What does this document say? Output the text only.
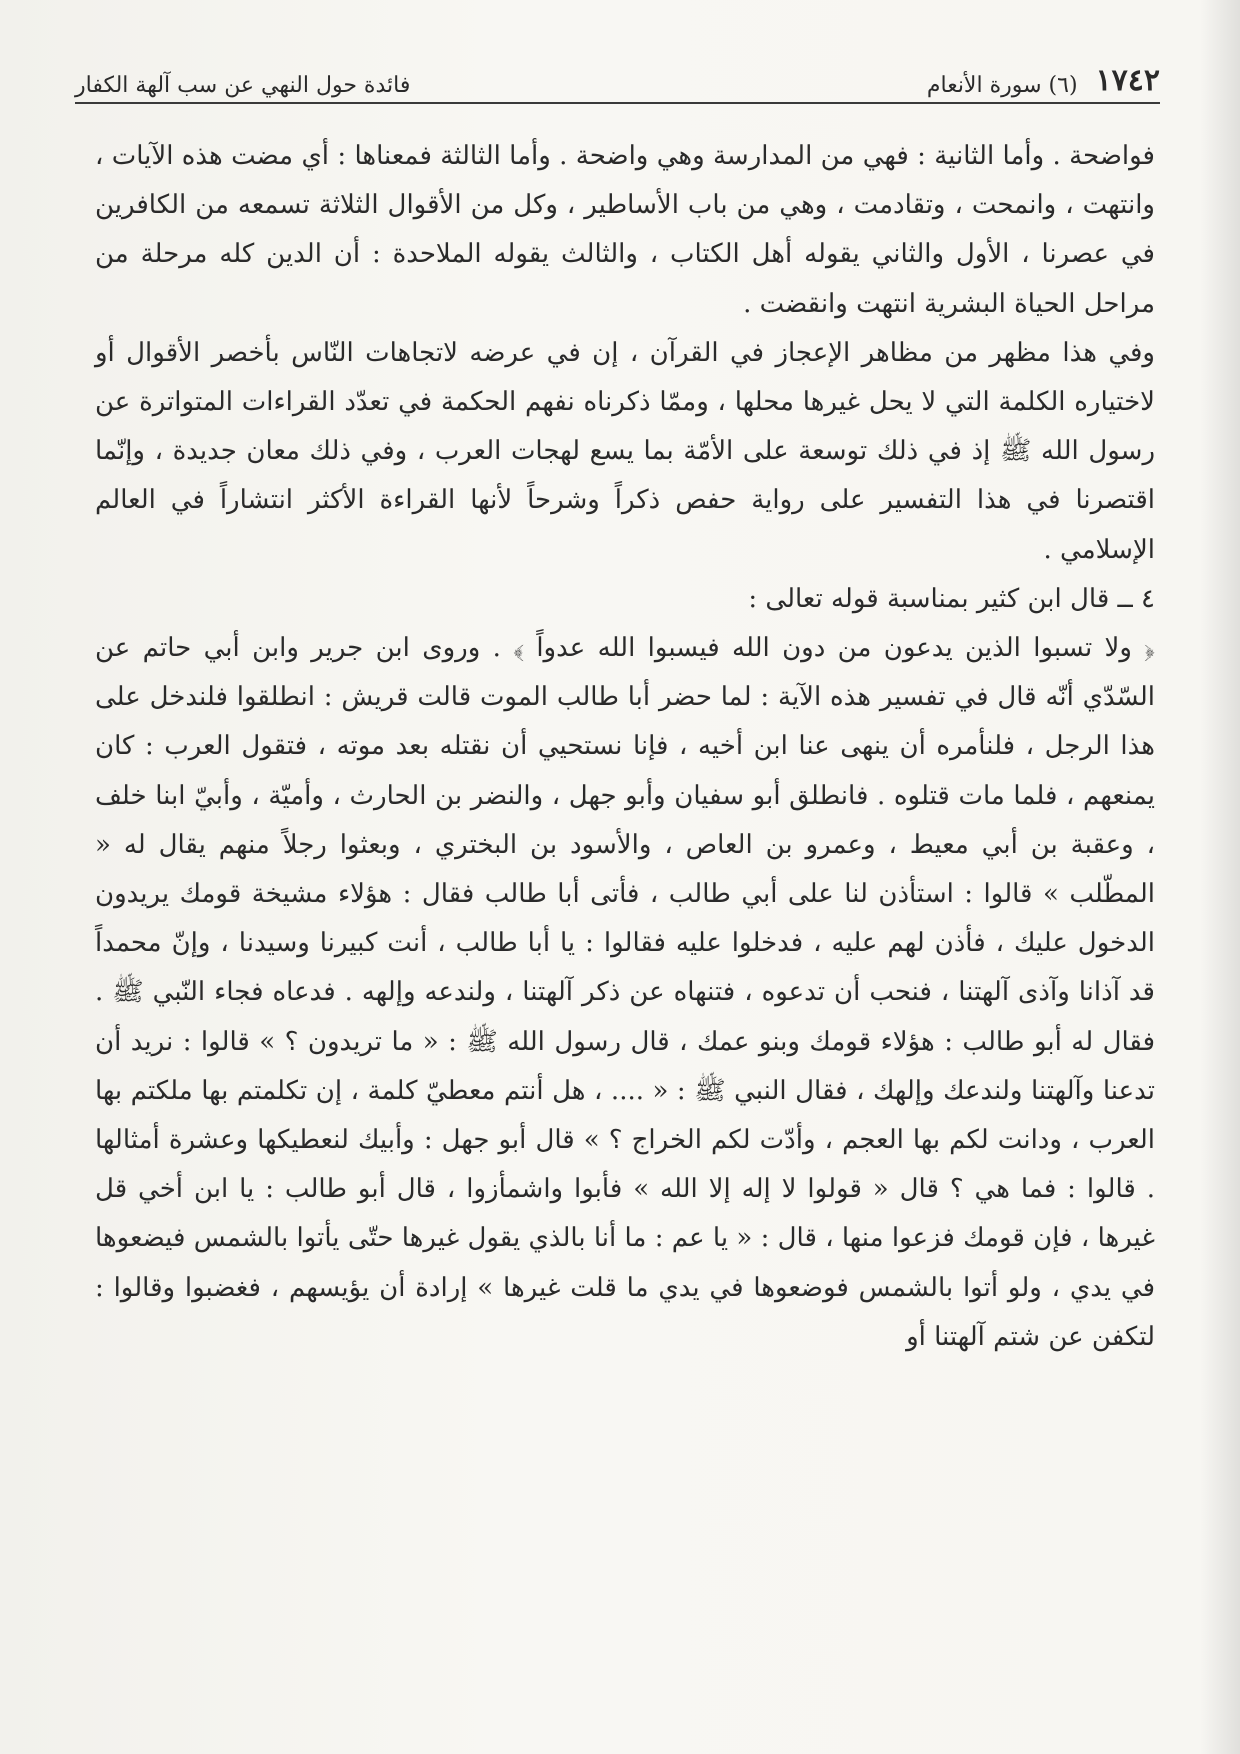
١٧٤٢
(٦) سورة الأنعام
فائدة حول النهي عن سب آلهة الكفار

فواضحة . وأما الثانية : فهي من المدارسة وهي واضحة . وأما الثالثة فمعناها : أي مضت هذه الآيات ، وانتهت ، وانمحت ، وتقادمت ، وهي من باب الأساطير ، وكل من الأقوال الثلاثة تسمعه من الكافرين في عصرنا ، الأول والثاني يقوله أهل الكتاب ، والثالث يقوله الملاحدة : أن الدين كله مرحلة من مراحل الحياة البشرية انتهت وانقضت .

وفي هذا مظهر من مظاهر الإعجاز في القرآن ، إن في عرضه لاتجاهات النّاس بأخصر الأقوال أو لاختياره الكلمة التي لا يحل غيرها محلها ، وممّا ذكرناه نفهم الحكمة في تعدّد القراءات المتواترة عن رسول الله ﷺ إذ في ذلك توسعة على الأمّة بما يسع لهجات العرب ، وفي ذلك معان جديدة ، وإنّما اقتصرنا في هذا التفسير على رواية حفص ذكراً وشرحاً لأنها القراءة الأكثر انتشاراً في العالم الإسلامي .

٤ ــ قال ابن كثير بمناسبة قوله تعالى :

﴿ ولا تسبوا الذين يدعون من دون الله فيسبوا الله عدواً ﴾ . وروى ابن جرير وابن أبي حاتم عن السّدّي أنّه قال في تفسير هذه الآية : لما حضر أبا طالب الموت قالت قريش : انطلقوا فلندخل على هذا الرجل ، فلنأمره أن ينهى عنا ابن أخيه ، فإنا نستحيي أن نقتله بعد موته ، فتقول العرب : كان يمنعهم ، فلما مات قتلوه . فانطلق أبو سفيان وأبو جهل ، والنضر بن الحارث ، وأميّة ، وأبيّ ابنا خلف ، وعقبة بن أبي معيط ، وعمرو بن العاص ، والأسود بن البختري ، وبعثوا رجلاً منهم يقال له « المطّلب » قالوا : استأذن لنا على أبي طالب ، فأتى أبا طالب فقال : هؤلاء مشيخة قومك يريدون الدخول عليك ، فأذن لهم عليه ، فدخلوا عليه فقالوا : يا أبا طالب ، أنت كبيرنا وسيدنا ، وإنّ محمداً قد آذانا وآذى آلهتنا ، فنحب أن تدعوه ، فتنهاه عن ذكر آلهتنا ، ولندعه وإلهه . فدعاه فجاء النّبي ﷺ . فقال له أبو طالب : هؤلاء قومك وبنو عمك ، قال رسول الله ﷺ : « ما تريدون ؟ » قالوا : نريد أن تدعنا وآلهتنا ولندعك وإلهك ، فقال النبي ﷺ : « .... ، هل أنتم معطيّ كلمة ، إن تكلمتم بها ملكتم بها العرب ، ودانت لكم بها العجم ، وأدّت لكم الخراج ؟ » قال أبو جهل : وأبيك لنعطيكها وعشرة أمثالها . قالوا : فما هي ؟ قال « قولوا لا إله إلا الله » فأبوا واشمأزوا ، قال أبو طالب : يا ابن أخي قل غيرها ، فإن قومك فزعوا منها ، قال : « يا عم : ما أنا بالذي يقول غيرها حتّى يأتوا بالشمس فيضعوها في يدي ، ولو أتوا بالشمس فوضعوها في يدي ما قلت غيرها » إرادة أن يؤيسهم ، فغضبوا وقالوا : لتكفن عن شتم آلهتنا أو
